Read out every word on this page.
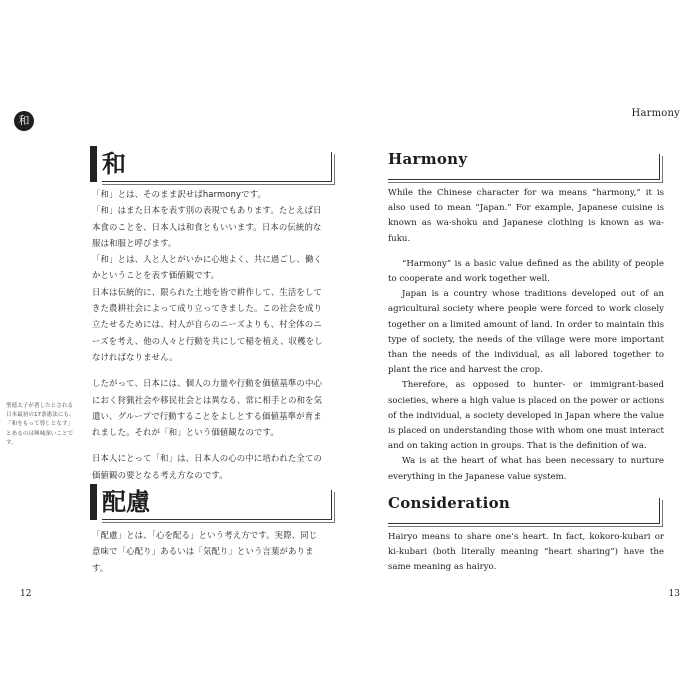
和
和

「和」とは、そのまま訳せばharmonyです。

「和」はまた日本を表す別の表現でもあります。たとえば日本食のことを、日本人は和食ともいいます。日本の伝統的な服は和服と呼びます。

「和」とは、人と人とがいかに心地よく、共に過ごし、働くかということを表す価値観です。

日本は伝統的に、限られた土地を皆で耕作して、生活をしてきた農耕社会によって成り立ってきました。この社会を成り立たせるためには、村人が自らのニーズよりも、村全体のニーズを考え、他の人々と行動を共にして稲を植え、収穫をしなければなりません。

したがって、日本には、個人の力量や行動を価値基準の中心におく狩猟社会や移民社会とは異なる、常に相手との和を気遣い、グループで行動することをよしとする価値基準が育まれました。それが「和」という価値観なのです。

日本人にとって「和」は、日本人の心の中に培われた全ての価値観の要となる考え方なのです。

聖徳太子が著したとされる日本最初の17条憲法にも、「和をもって尊しとなす」とあるのは興味深いことです。
配慮

「配慮」とは、「心を配る」という考え方です。実際、同じ意味で「心配り」あるいは「気配り」という言葉があります。

12
Harmony
Harmony

While the Chinese character for wa means “harmony,” it is also used to mean “Japan.” For example, Japanese cuisine is known as wa-shoku and Japanese clothing is known as wa-fuku.

“Harmony” is a basic value defined as the ability of people to cooperate and work together well.

Japan is a country whose traditions developed out of an agricultural society where people were forced to work closely together on a limited amount of land. In order to maintain this type of society, the needs of the village were more important than the needs of the individual, as all labored together to plant the rice and harvest the crop.

Therefore, as opposed to hunter- or immigrant-based societies, where a high value is placed on the power or actions of the individual, a society developed in Japan where the value is placed on understanding those with whom one must interact and on taking action in groups. That is the definition of wa.

Wa is at the heart of what has been necessary to nurture everything in the Japanese value system.

Consideration

Hairyo means to share one’s heart. In fact, kokoro-kubari or ki-kubari (both literally meaning “heart sharing”) have the same meaning as hairyo.

13
